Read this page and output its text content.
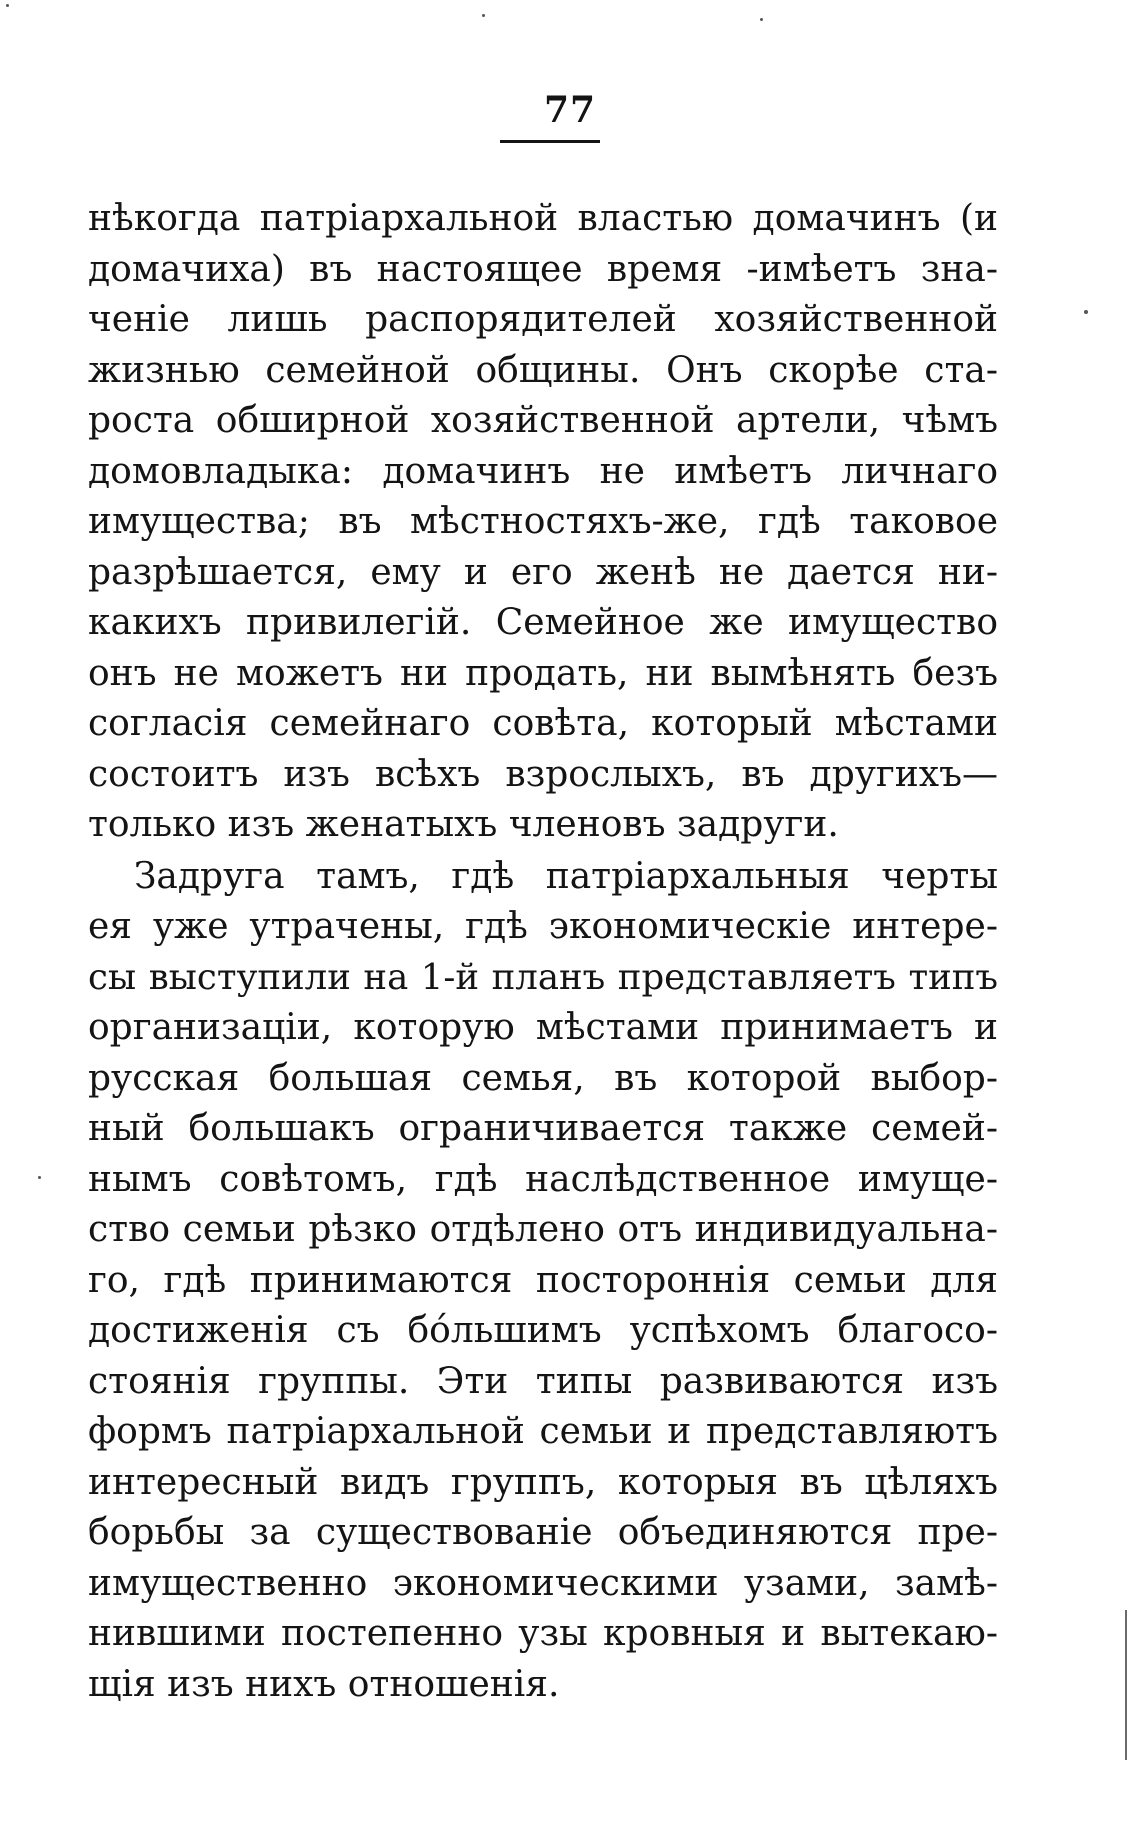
77
нѣкогда патріархальной властью домачинъ (и
домачиха) въ настоящее время -имѣетъ зна-
ченіе лишь распорядителей хозяйственной
жизнью семейной общины. Онъ скорѣе ста-
роста обширной хозяйственной артели, чѣмъ
домовладыка: домачинъ не имѣетъ личнаго
имущества; въ мѣстностяхъ-же, гдѣ таковое
разрѣшается, ему и его женѣ не дается ни-
какихъ привилегій. Семейное же имущество
онъ не можетъ ни продать, ни вымѣнять безъ
согласія семейнаго совѣта, который мѣстами
состоитъ изъ всѣхъ взрослыхъ, въ другихъ—
только изъ женатыхъ членовъ задруги.
Задруга тамъ, гдѣ патріархальныя черты
ея уже утрачены, гдѣ экономическіе интере-
сы выступили на 1-й планъ представляетъ типъ
организаціи, которую мѣстами принимаетъ и
русская большая семья, въ которой выбор-
ный большакъ ограничивается также семей-
нымъ совѣтомъ, гдѣ наслѣдственное имуще-
ство семьи рѣзко отдѣлено отъ индивидуальна-
го, гдѣ принимаются постороннія семьи для
достиженія съ бо́льшимъ успѣхомъ благосо-
стоянія группы. Эти типы развиваются изъ
формъ патріархальной семьи и представляютъ
интересный видъ группъ, которыя въ цѣляхъ
борьбы за существованіе объединяются пре-
имущественно экономическими узами, замѣ-
нившими постепенно узы кровныя и вытекаю-
щія изъ нихъ отношенія.
